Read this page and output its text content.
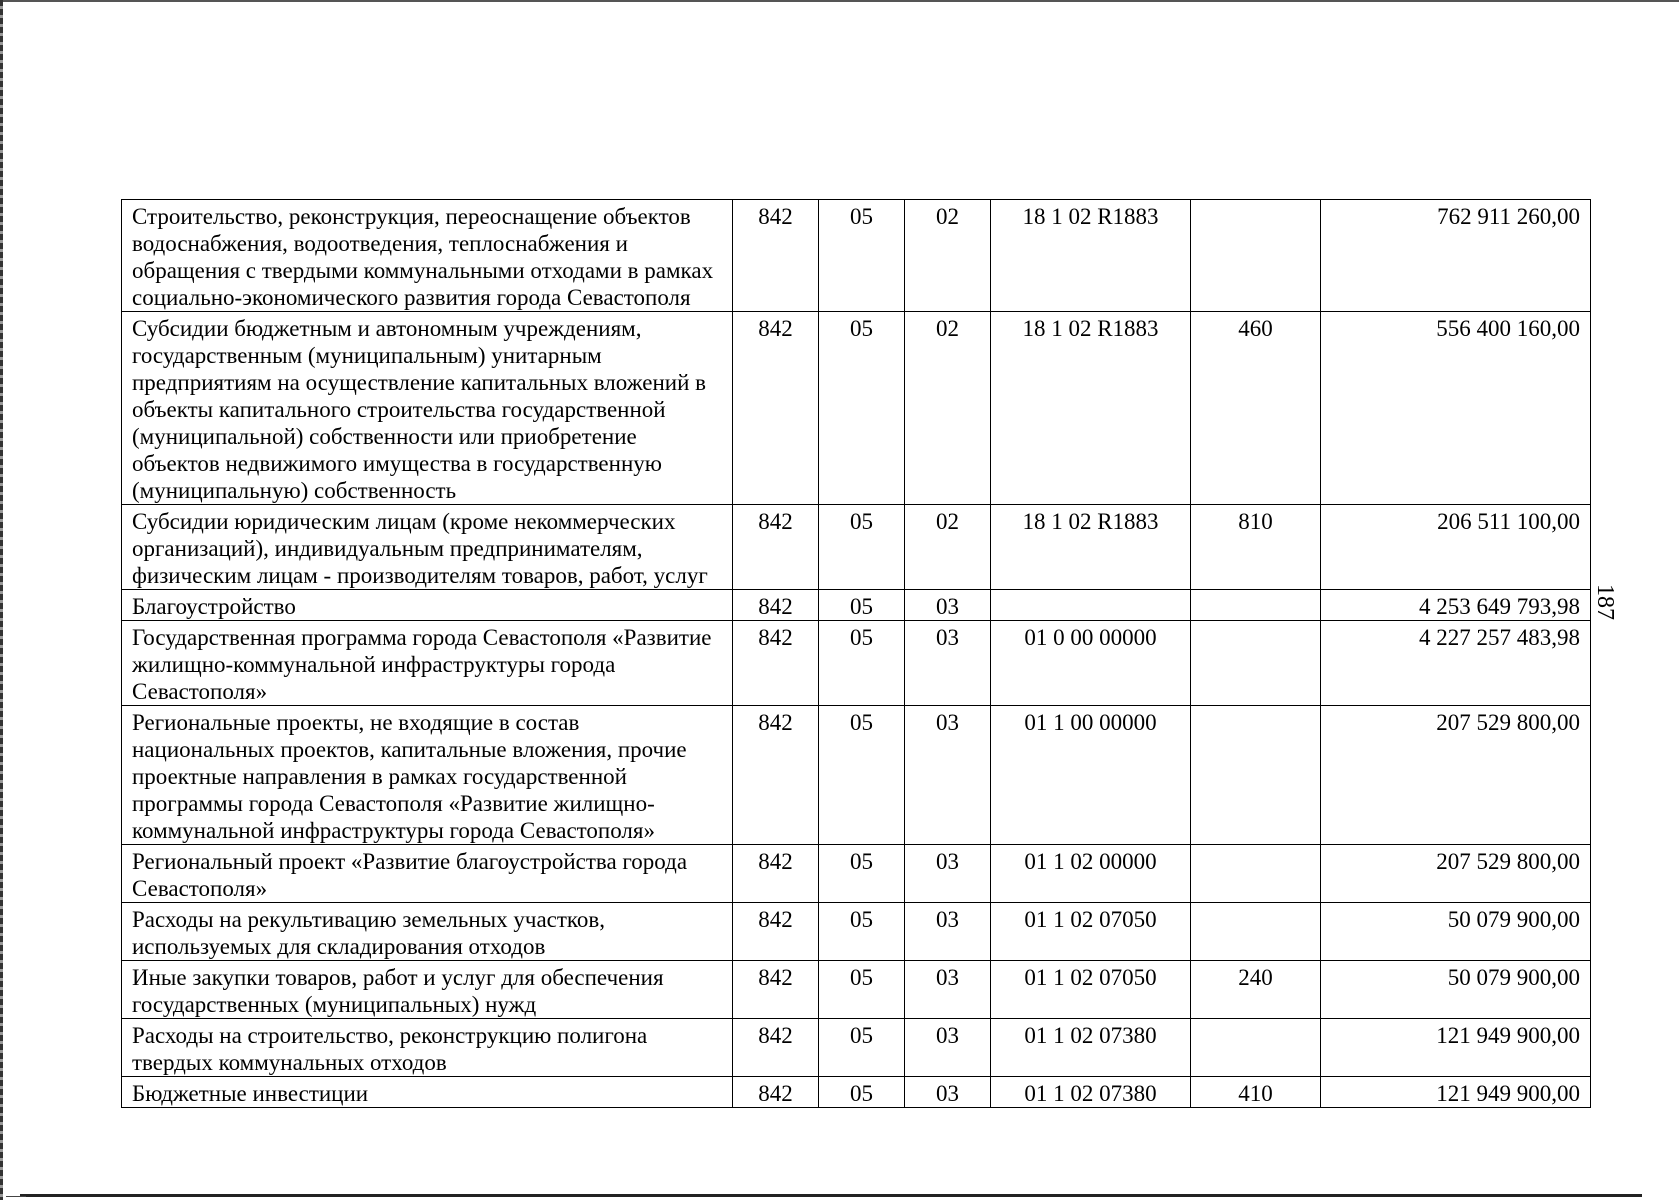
187
Строительство, реконструкция, переоснащение объектов водоснабжения, водоотведения, теплоснабжения и обращения с твердыми коммунальными отходами в рамках социально-экономического развития города Севастополя	842	05	02	18 1 02 R1883		762 911 260,00
Субсидии бюджетным и автономным учреждениям, государственным (муниципальным) унитарным предприятиям на осуществление капитальных вложений в объекты капитального строительства государственной (муниципальной) собственности или приобретение объектов недвижимого имущества в государственную (муниципальную) собственность	842	05	02	18 1 02 R1883	460	556 400 160,00
Субсидии юридическим лицам (кроме некоммерческих организаций), индивидуальным предпринимателям, физическим лицам - производителям товаров, работ, услуг	842	05	02	18 1 02 R1883	810	206 511 100,00
Благоустройство	842	05	03			4 253 649 793,98
Государственная программа города Севастополя «Развитие жилищно-коммунальной инфраструктуры города Севастополя»	842	05	03	01 0 00 00000		4 227 257 483,98
Региональные проекты, не входящие в состав национальных проектов, капитальные вложения, прочие проектные направления в рамках государственной программы города Севастополя «Развитие жилищно-коммунальной инфраструктуры города Севастополя»	842	05	03	01 1 00 00000		207 529 800,00
Региональный проект «Развитие благоустройства города Севастополя»	842	05	03	01 1 02 00000		207 529 800,00
Расходы на рекультивацию земельных участков, используемых для складирования отходов	842	05	03	01 1 02 07050		50 079 900,00
Иные закупки товаров, работ и услуг для обеспечения государственных (муниципальных) нужд	842	05	03	01 1 02 07050	240	50 079 900,00
Расходы на строительство, реконструкцию полигона твердых коммунальных отходов	842	05	03	01 1 02 07380		121 949 900,00
Бюджетные инвестиции	842	05	03	01 1 02 07380	410	121 949 900,00
